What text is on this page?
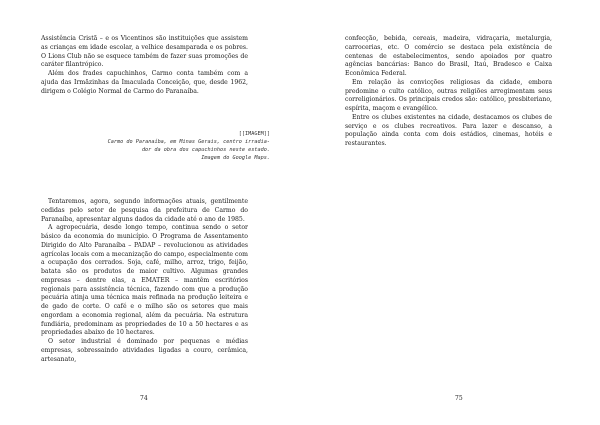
Assistência Cristã – e os Vicentinos são instituições que assistem as crianças em idade escolar, a velhice desamparada e os pobres. O Lions Club não se esquece também de fazer suas promoções de caráter filantrópico.

Além dos frades capuchinhos, Carmo conta também com a ajuda das Irmãzinhas da Imaculada Conceição, que, desde 1962, dirigem o Colégio Normal de Carmo do Paranaíba.

[[IMAGEM]]
Carmo do Paranaíba, em Minas Gerais, centro irradia-
dor da obra dos capuchinhos neste estado.
Imagem do Google Maps.

Tentaremos, agora, segundo informações atuais, gentilmente cedidas pelo setor de pesquisa da prefeitura de Carmo do Paranaíba, apresentar alguns dados da cidade até o ano de 1985.

A agropecuária, desde longo tempo, continua sendo o setor básico da economia do município. O Programa de Assentamento Dirigido do Alto Paranaíba – PADAP – revolucionou as atividades agrícolas locais com a mecanização do campo, especialmente com a ocupação dos cerrados. Soja, café, milho, arroz, trigo, feijão, batata são os produtos de maior cultivo. Algumas grandes empresas – dentre elas, a EMATER – mantêm escritórios regionais para assistência técnica, fazendo com que a produção pecuária atinja uma técnica mais refinada na produção leiteira e de gado de corte. O café e o milho são os setores que mais engordam a economia regional, além da pecuária. Na estrutura fundiária, predominam as propriedades de 10 a 50 hectares e as propriedades abaixo de 10 hectares.

O setor industrial é dominado por pequenas e médias empresas, sobressaindo atividades ligadas a couro, cerâmica, artesanato,

74

confecção, bebida, cereais, madeira, vidraçaria, metalurgia, carrocerias, etc. O comércio se destaca pela existência de centenas de estabelecimentos, sendo apoiados por quatro agências bancárias: Banco do Brasil, Itaú, Bradesco e Caixa Econômica Federal.

Em relação às convicções religiosas da cidade, embora predomine o culto católico, outras religiões arregimentam seus correligionários. Os principais credos são: católico, presbiteriano, espírita, maçom e evangélico.

Entre os clubes existentes na cidade, destacamos os clubes de serviço e os clubes recreativos. Para lazer e descanso, a população ainda conta com dois estádios, cinemas, hotéis e restaurantes.

75
